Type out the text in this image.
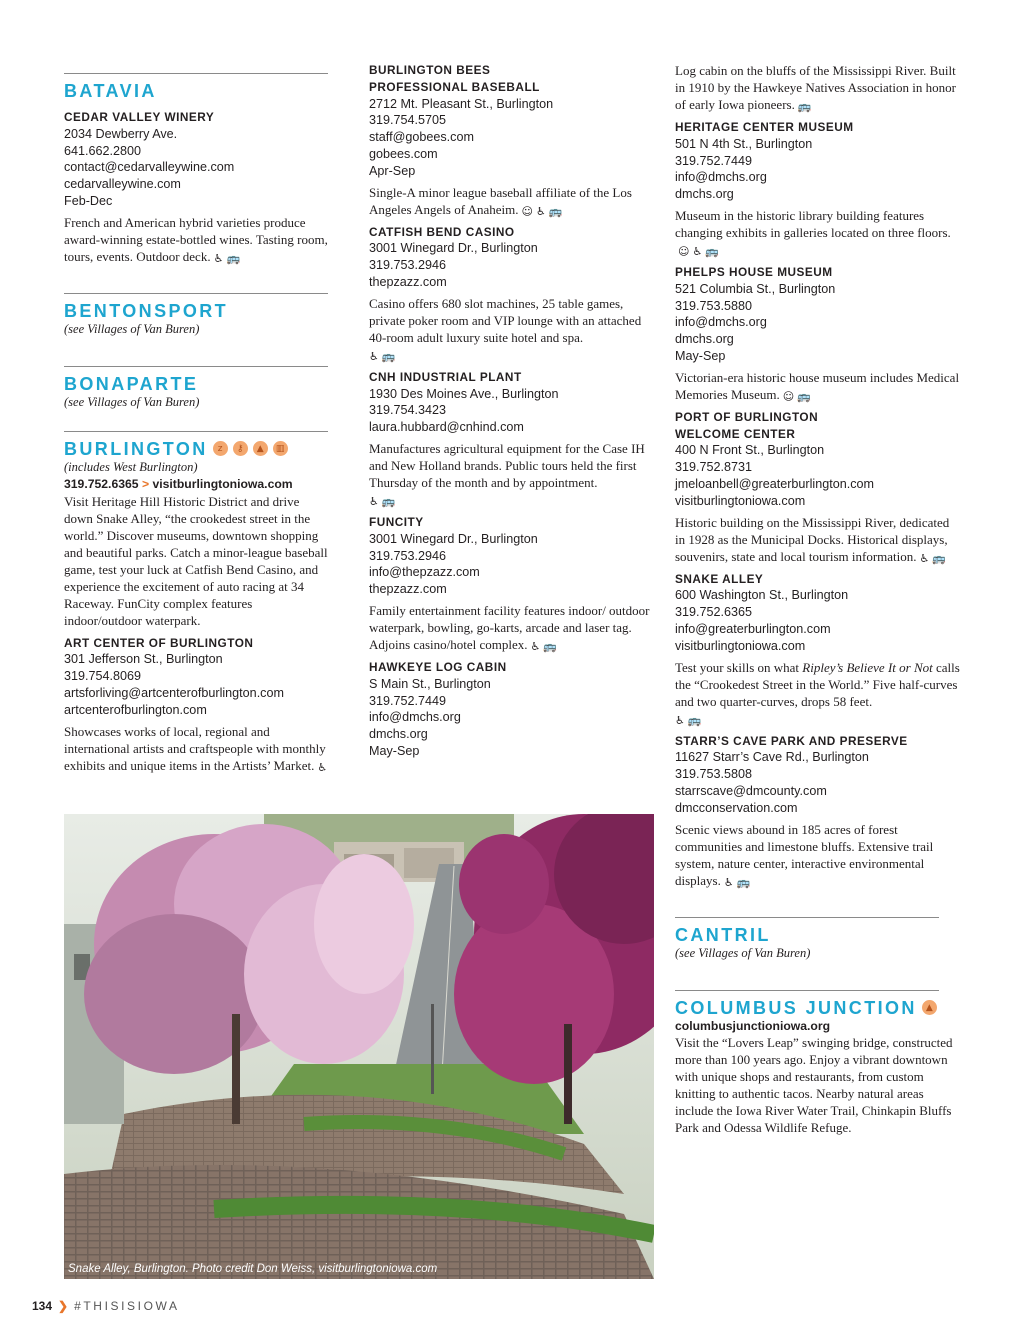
BATAVIA
CEDAR VALLEY WINERY
2034 Dewberry Ave.
641.662.2800
contact@cedarvalleywine.com
cedarvalleywine.com
Feb-Dec
French and American hybrid varieties produce award-winning estate-bottled wines. Tasting room, tours, events. Outdoor deck. ♿ 🚌
BENTONSPORT
(see Villages of Van Buren)
BONAPARTE
(see Villages of Van Buren)
BURLINGTON	z	⚷	▲	▥
(includes West Burlington)
319.752.6365 > visitburlingtoniowa.com
Visit Heritage Hill Historic District and drive down Snake Alley, “the crookedest street in the world.” Discover museums, downtown shopping and beautiful parks. Catch a minor-league baseball game, test your luck at Catfish Bend Casino, and experience the excitement of auto racing at 34 Raceway. FunCity complex features indoor/outdoor waterpark.
ART CENTER OF BURLINGTON
301 Jefferson St., Burlington
319.754.8069
artsforliving@artcenterofburlington.com
artcenterofburlington.com
Showcases works of local, regional and international artists and craftspeople with monthly exhibits and unique items in the Artists’ Market. ♿
BURLINGTON BEES
PROFESSIONAL BASEBALL
2712 Mt. Pleasant St., Burlington
319.754.5705
staff@gobees.com
gobees.com
Apr-Sep
Single-A minor league baseball affiliate of the Los Angeles Angels of Anaheim. ☺ ♿ 🚌
CATFISH BEND CASINO
3001 Winegard Dr., Burlington
319.753.2946
thepzazz.com
Casino offers 680 slot machines, 25 table games, private poker room and VIP lounge with an attached 40-room adult luxury suite hotel and spa.
♿ 🚌
CNH INDUSTRIAL PLANT
1930 Des Moines Ave., Burlington
319.754.3423
laura.hubbard@cnhind.com
Manufactures agricultural equipment for the Case IH and New Holland brands. Public tours held the first Thursday of the month and by appointment.
♿ 🚌
FUNCITY
3001 Winegard Dr., Burlington
319.753.2946
info@thepzazz.com
thepzazz.com
Family entertainment facility features indoor/ outdoor waterpark, bowling, go-karts, arcade and laser tag. Adjoins casino/hotel complex. ♿ 🚌
HAWKEYE LOG CABIN
S Main St., Burlington
319.752.7449
info@dmchs.org
dmchs.org
May-Sep
Log cabin on the bluffs of the Mississippi River. Built in 1910 by the Hawkeye Natives Association in honor of early Iowa pioneers. 🚌
HERITAGE CENTER MUSEUM
501 N 4th St., Burlington
319.752.7449
info@dmchs.org
dmchs.org
Museum in the historic library building features changing exhibits in galleries located on three floors.☺ ♿ 🚌
PHELPS HOUSE MUSEUM
521 Columbia St., Burlington
319.753.5880
info@dmchs.org
dmchs.org
May-Sep
Victorian-era historic house museum includes Medical Memories Museum. ☺ 🚌
PORT OF BURLINGTON
WELCOME CENTER
400 N Front St., Burlington
319.752.8731
jmeloanbell@greaterburlington.com
visitburlingtoniowa.com
Historic building on the Mississippi River, dedicated in 1928 as the Municipal Docks. Historical displays, souvenirs, state and local tourism information. ♿ 🚌
SNAKE ALLEY
600 Washington St., Burlington
319.752.6365
info@greaterburlington.com
visitburlingtoniowa.com
Test your skills on what Ripley’s Believe It or Not calls the “Crookedest Street in the World.” Five half-curves and two quarter-curves, drops 58 feet.
♿ 🚌
STARR’S CAVE PARK AND PRESERVE
11627 Starr’s Cave Rd., Burlington
319.753.5808
starrscave@dmcounty.com
dmcconservation.com
Scenic views abound in 185 acres of forest communities and limestone bluffs. Extensive trail system, nature center, interactive environmental displays. ♿ 🚌
CANTRIL
(see Villages of Van Buren)
COLUMBUS JUNCTION	▲
columbusjunctioniowa.org
Visit the “Lovers Leap” swinging bridge, constructed more than 100 years ago. Enjoy a vibrant downtown with unique shops and restaurants, from custom knitting to authentic tacos. Nearby natural areas include the Iowa River Water Trail, Chinkapin Bluffs Park and Odessa Wildlife Refuge.
Snake Alley, Burlington. Photo credit Don Weiss, visitburlingtoniowa.com
134 ❯ #THISISIOWA
